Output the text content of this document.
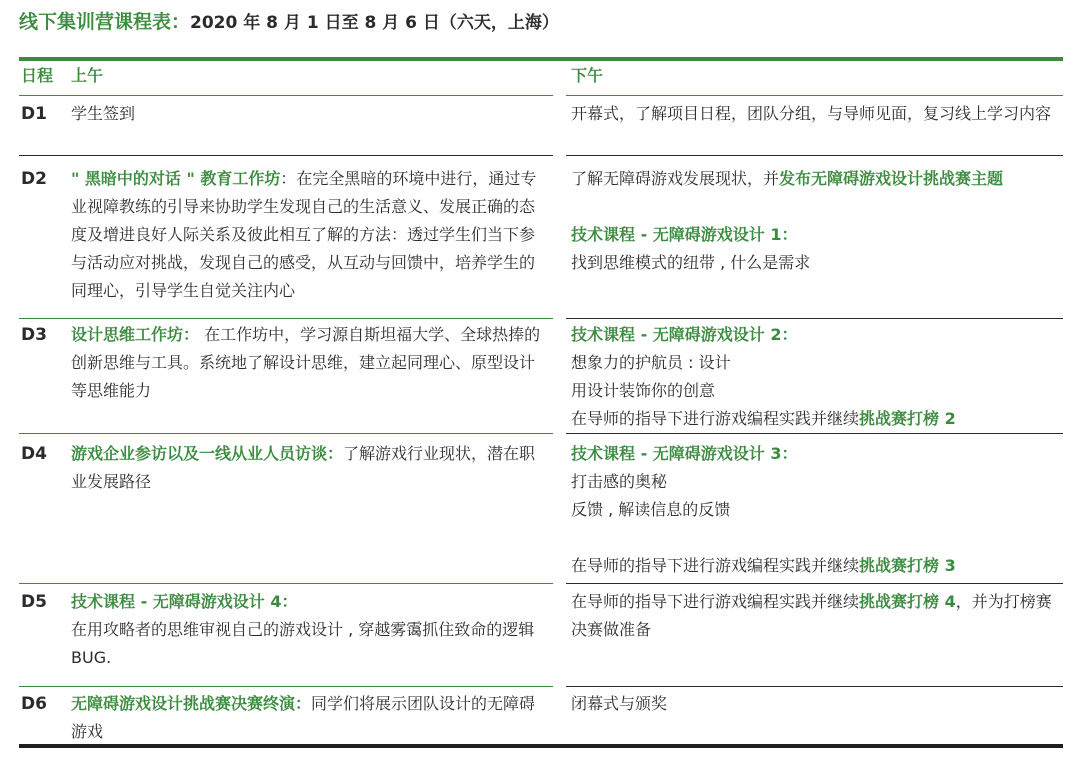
线下集训营课程表：2020 年 8 月 1 日至 8 月 6 日（六天，上海）
日程 上午	下午
D1 学生签到	开幕式，了解项目日程，团队分组，与导师见面，复习线上学习内容
D2 " 黑暗中的对话 " 教育工作坊：在完全黑暗的环境中进行，通过专业视障教练的引导来协助学生发现自己的生活意义、发展正确的态度及增进良好人际关系及彼此相互了解的方法：透过学生们当下参与活动应对挑战，发现自己的感受，从互动与回馈中，培养学生的同理心，引导学生自觉关注内心
了解无障碍游戏发展现状，并发布无障碍游戏设计挑战赛主题
技术课程 - 无障碍游戏设计 1：
找到思维模式的纽带 , 什么是需求
D3 设计思维工作坊： 在工作坊中，学习源自斯坦福大学、全球热捧的创新思维与工具。系统地了解设计思维，建立起同理心、原型设计等思维能力
技术课程 - 无障碍游戏设计 2：
想象力的护航员 : 设计
用设计装饰你的创意
在导师的指导下进行游戏编程实践并继续挑战赛打榜 2
D4 游戏企业参访以及一线从业人员访谈：了解游戏行业现状，潜在职业发展路径
技术课程 - 无障碍游戏设计 3：
打击感的奥秘
反馈 , 解读信息的反馈
在导师的指导下进行游戏编程实践并继续挑战赛打榜 3
D5 技术课程 - 无障碍游戏设计 4：
在用攻略者的思维审视自己的游戏设计 , 穿越雾霭抓住致命的逻辑 BUG.
在导师的指导下进行游戏编程实践并继续挑战赛打榜 4，并为打榜赛决赛做准备
D6 无障碍游戏设计挑战赛决赛终演：同学们将展示团队设计的无障碍游戏
闭幕式与颁奖
